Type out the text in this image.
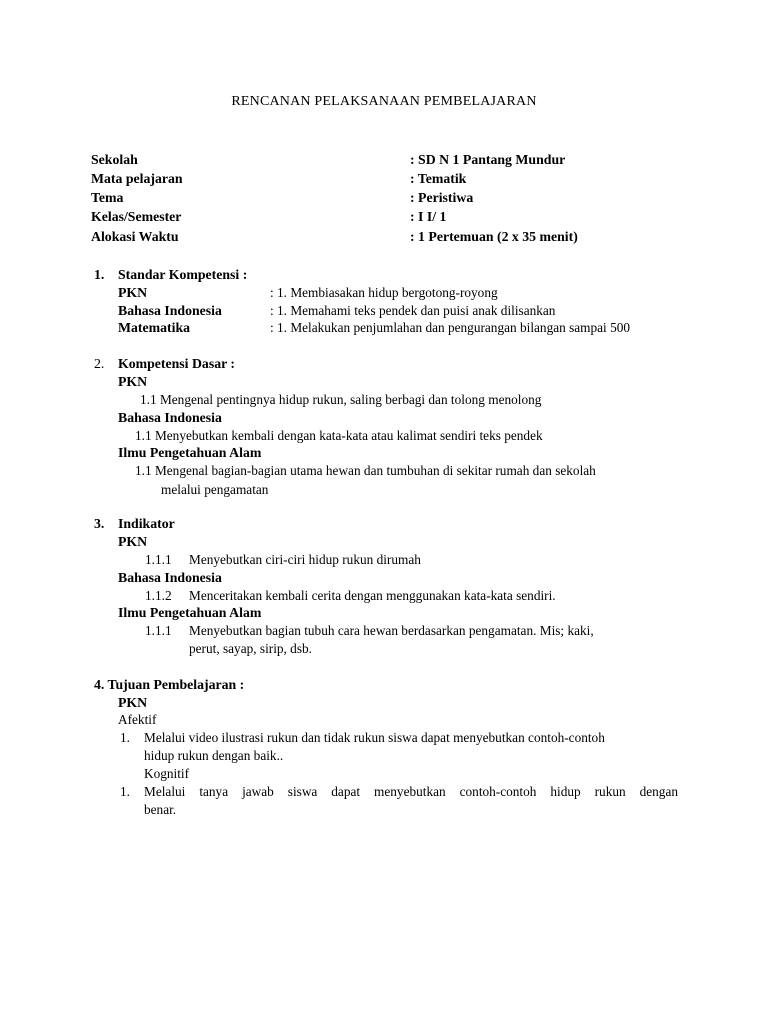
RENCANAN PELAKSANAAN PEMBELAJARAN
Sekolah	: SD N 1 Pantang Mundur
Mata pelajaran	: Tematik
Tema	: Peristiwa
Kelas/Semester	: I I/ 1
Alokasi Waktu	: 1 Pertemuan (2 x 35 menit)
1. Standar Kompetensi :
PKN	: 1. Membiasakan hidup bergotong-royong
Bahasa Indonesia	: 1. Memahami teks pendek dan puisi anak dilisankan
Matematika	: 1. Melakukan penjumlahan dan pengurangan bilangan sampai 500
2. Kompetensi Dasar :
PKN
1.1 Mengenal pentingnya hidup rukun, saling berbagi dan tolong menolong
Bahasa Indonesia
1.1 Menyebutkan kembali dengan kata-kata atau kalimat sendiri teks pendek
Ilmu Pengetahuan Alam
1.1 Mengenal bagian-bagian utama hewan dan tumbuhan di sekitar rumah dan sekolah
melalui pengamatan
3. Indikator
PKN
1.1.1 Menyebutkan ciri-ciri hidup rukun dirumah
Bahasa Indonesia
1.1.2 Menceritakan kembali cerita dengan menggunakan kata-kata sendiri.
Ilmu Pengetahuan Alam
1.1.1 Menyebutkan bagian tubuh cara hewan berdasarkan pengamatan. Mis; kaki,
perut, sayap, sirip, dsb.
4. Tujuan Pembelajaran :
PKN
Afektif
1. Melalui video ilustrasi rukun dan tidak rukun siswa dapat menyebutkan contoh-contoh
hidup rukun dengan baik..
Kognitif
1. Melalui tanya jawab siswa dapat menyebutkan contoh-contoh hidup rukun dengan
benar.
